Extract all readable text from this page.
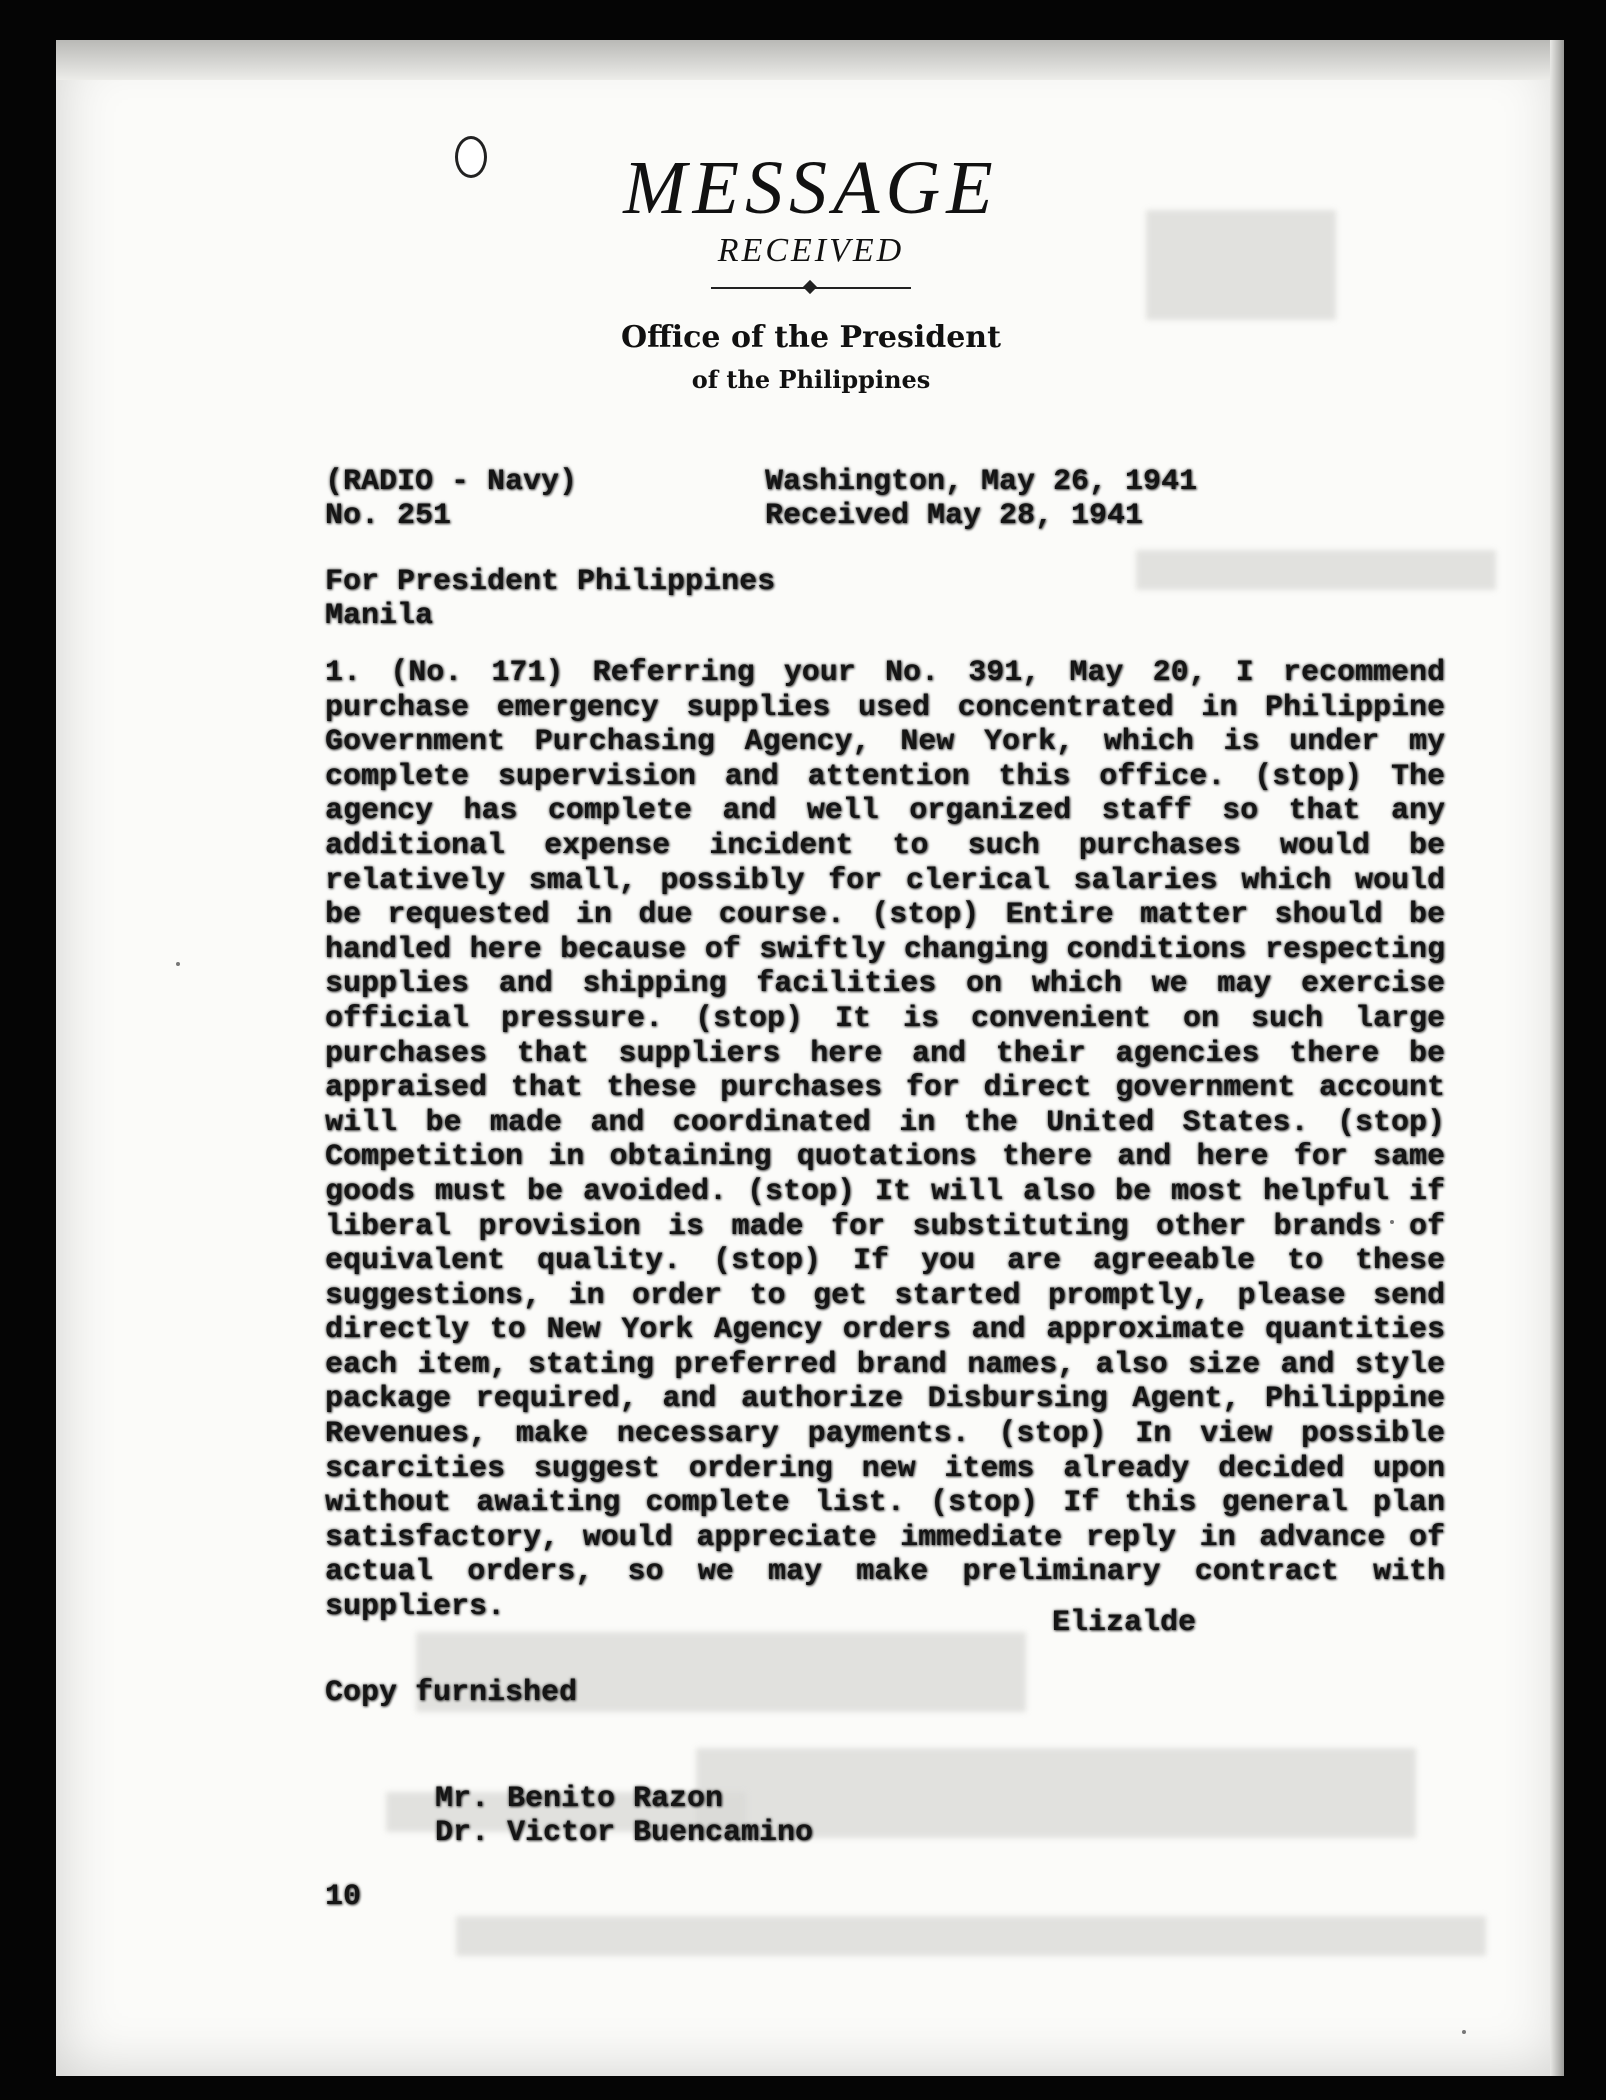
MESSAGE
RECEIVED
Office of the President
of the Philippines
(RADIO - Navy)
No. 251
Washington, May 26, 1941
Received May 28, 1941
For President Philippines
Manila

1. (No. 171) Referring your No. 391, May 20, I recommend purchase emergency supplies used concentrated in Philippine Government Purchasing Agency, New York, which is under my complete supervision and attention this office. (stop) The agency has complete and well organized staff so that any additional expense incident to such purchases would be relatively small, possibly for clerical salaries which would be requested in due course. (stop) Entire matter should be handled here because of swiftly changing conditions respecting supplies and shipping facilities on which we may exercise official pressure. (stop) It is convenient on such large purchases that suppliers here and their agencies there be appraised that these purchases for direct government account will be made and coordinated in the United States. (stop) Competition in obtaining quotations there and here for same goods must be avoided. (stop) It will also be most helpful if liberal provision is made for substituting other brands of equivalent quality. (stop) If you are agreeable to these suggestions, in order to get started promptly, please send directly to New York Agency orders and approximate quantities each item, stating preferred brand names, also size and style package required, and authorize Disbursing Agent, Philippine Revenues, make necessary payments. (stop) In view possible scarcities suggest ordering new items already decided upon without awaiting complete list. (stop) If this general plan satisfactory, would appreciate immediate reply in advance of actual orders, so we may make preliminary contract with suppliers.	Elizalde
Copy furnished
Mr. Benito Razon
Dr. Victor Buencamino
10
